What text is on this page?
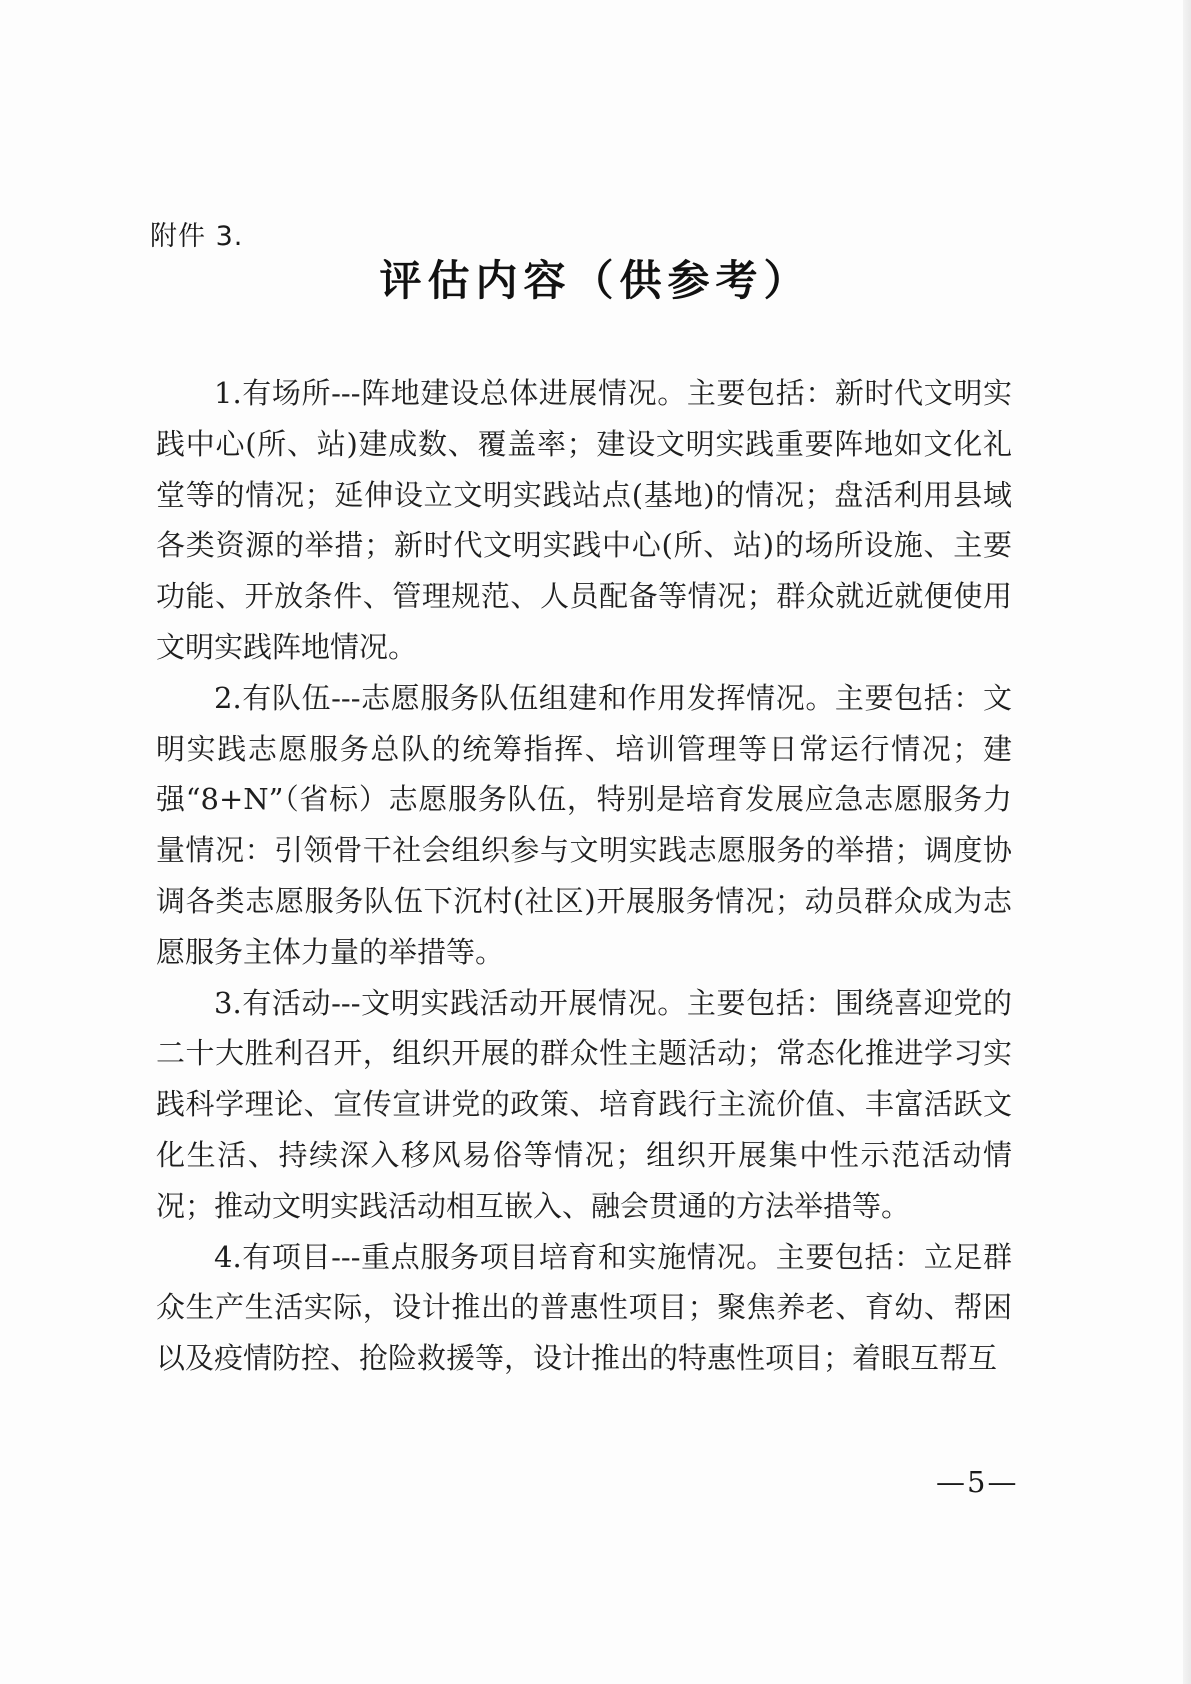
附件 3.
评估内容（供参考）

1.有场所---阵地建设总体进展情况。主要包括：新时代文明实践中心(所、站)建成数、覆盖率；建设文明实践重要阵地如文化礼堂等的情况；延伸设立文明实践站点(基地)的情况；盘活利用县域各类资源的举措；新时代文明实践中心(所、站)的场所设施、主要功能、开放条件、管理规范、人员配备等情况；群众就近就便使用文明实践阵地情况。

2.有队伍---志愿服务队伍组建和作用发挥情况。主要包括：文明实践志愿服务总队的统筹指挥、培训管理等日常运行情况；建强“8+N”（省标）志愿服务队伍，特别是培育发展应急志愿服务力量情况：引领骨干社会组织参与文明实践志愿服务的举措；调度协调各类志愿服务队伍下沉村(社区)开展服务情况；动员群众成为志愿服务主体力量的举措等。

3.有活动---文明实践活动开展情况。主要包括：围绕喜迎党的二十大胜利召开，组织开展的群众性主题活动；常态化推进学习实践科学理论、宣传宣讲党的政策、培育践行主流价值、丰富活跃文化生活、持续深入移风易俗等情况；组织开展集中性示范活动情况；推动文明实践活动相互嵌入、融会贯通的方法举措等。

4.有项目---重点服务项目培育和实施情况。主要包括：立足群众生产生活实际，设计推出的普惠性项目；聚焦养老、育幼、帮困以及疫情防控、抢险救援等，设计推出的特惠性项目；着眼互帮互

—5—
